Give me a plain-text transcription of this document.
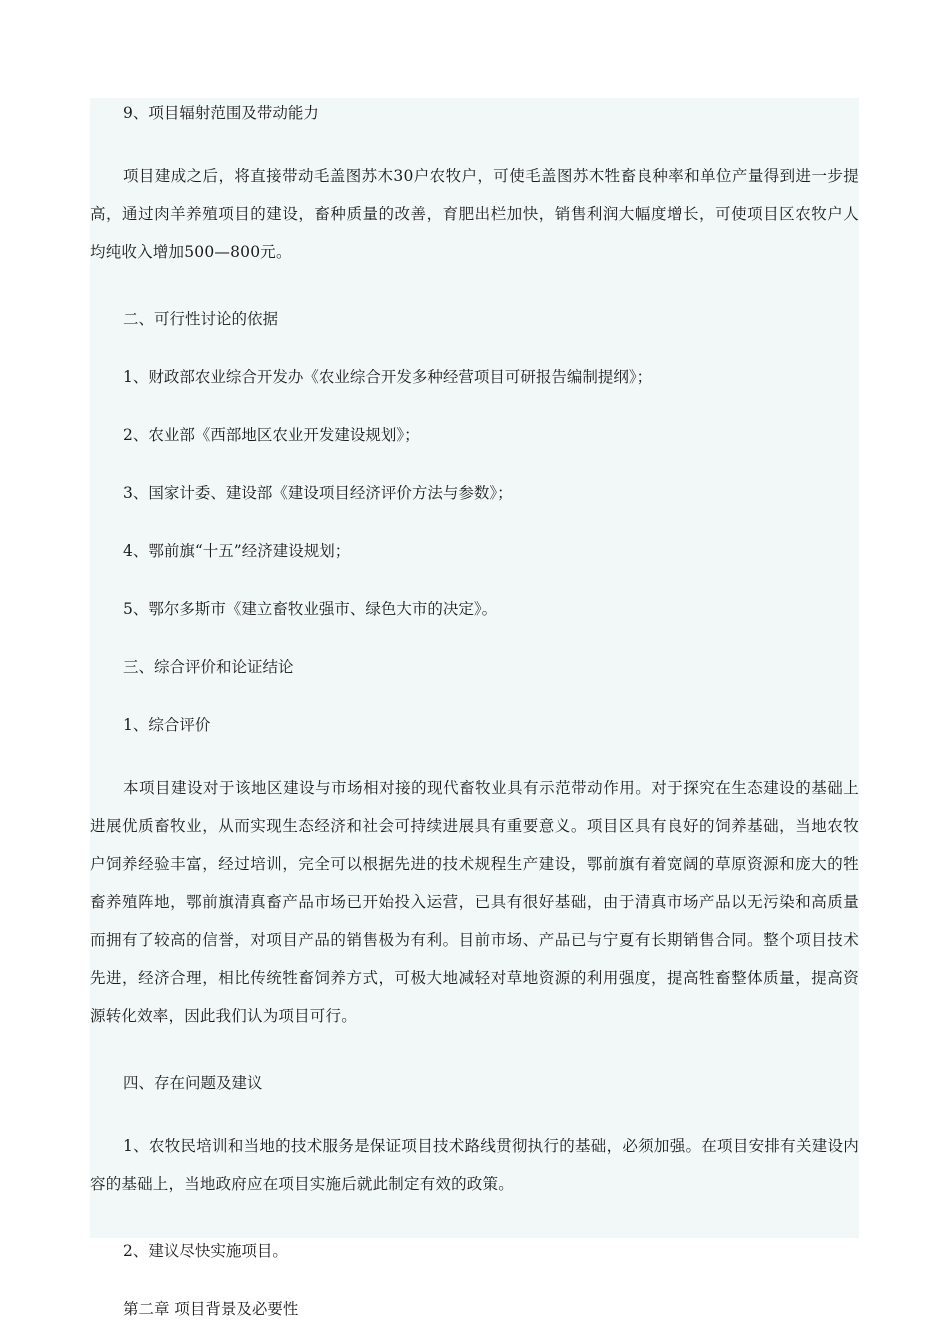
9、项目辐射范围及带动能力

项目建成之后，将直接带动毛盖图苏木30户农牧户，可使毛盖图苏木牲畜良种率和单位产量得到进一步提高，通过肉羊养殖项目的建设，畜种质量的改善，育肥出栏加快，销售利润大幅度增长，可使项目区农牧户人均纯收入增加500—800元。

二、可行性讨论的依据

1、财政部农业综合开发办《农业综合开发多种经营项目可研报告编制提纲》；

2、农业部《西部地区农业开发建设规划》；

3、国家计委、建设部《建设项目经济评价方法与参数》；

4、鄂前旗“十五”经济建设规划；

5、鄂尔多斯市《建立畜牧业强市、绿色大市的决定》。

三、综合评价和论证结论

1、综合评价

本项目建设对于该地区建设与市场相对接的现代畜牧业具有示范带动作用。对于探究在生态建设的基础上进展优质畜牧业，从而实现生态经济和社会可持续进展具有重要意义。项目区具有良好的饲养基础，当地农牧户饲养经验丰富，经过培训，完全可以根据先进的技术规程生产建设，鄂前旗有着宽阔的草原资源和庞大的牲畜养殖阵地，鄂前旗清真畜产品市场已开始投入运营，已具有很好基础，由于清真市场产品以无污染和高质量而拥有了较高的信誉，对项目产品的销售极为有利。目前市场、产品已与宁夏有长期销售合同。整个项目技术先进，经济合理，相比传统牲畜饲养方式，可极大地减轻对草地资源的利用强度，提高牲畜整体质量，提高资源转化效率，因此我们认为项目可行。

四、存在问题及建议

1、农牧民培训和当地的技术服务是保证项目技术路线贯彻执行的基础，必须加强。在项目安排有关建设内容的基础上，当地政府应在项目实施后就此制定有效的政策。

2、建议尽快实施项目。

第二章 项目背景及必要性
